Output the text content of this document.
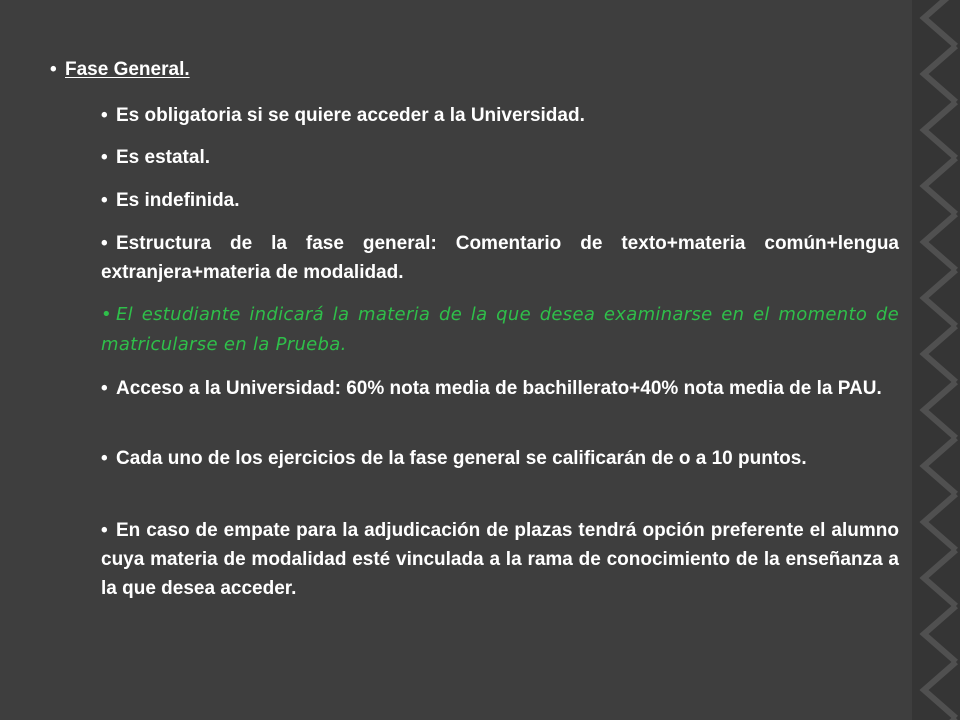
• Fase General.
• Es obligatoria si se quiere acceder a la Universidad.
• Es estatal.
• Es indefinida.
• Estructura de la fase general: Comentario de texto+materia común+lengua extranjera+materia de modalidad.
• El estudiante indicará la materia de la que desea examinarse en el momento de matricularse en la Prueba.
• Acceso a la Universidad: 60% nota media de bachillerato+40% nota media de la PAU.
• Cada uno de los ejercicios de la fase general se calificarán de o a 10 puntos.
• En caso de empate para la adjudicación de plazas tendrá opción preferente el alumno cuya materia de modalidad esté vinculada a la rama de conocimiento de la enseñanza a la que desea acceder.
